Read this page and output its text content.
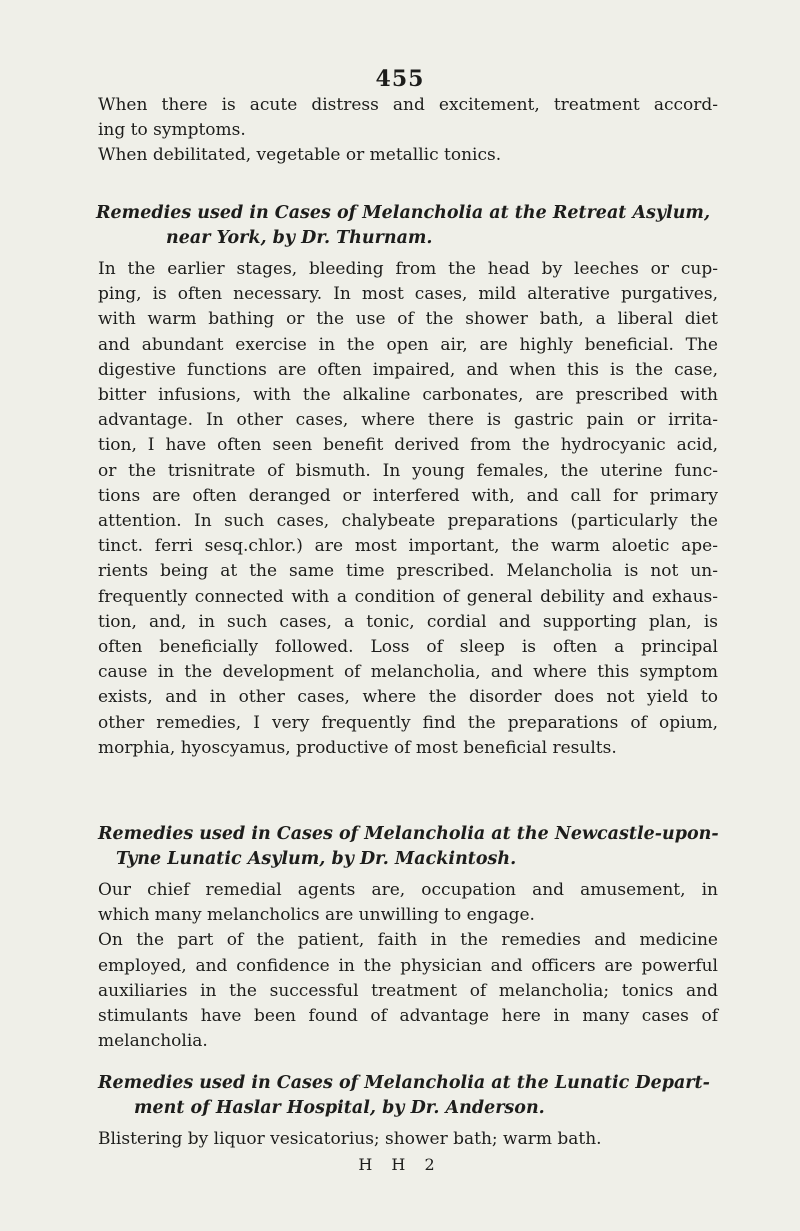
455
When there is acute distress and excitement, treatment accord-
ing to symptoms.
When debilitated, vegetable or metallic tonics.
Remedies used in Cases of Melancholia at the Retreat Asylum,
near York, by Dr. Thurnam.
In the earlier stages, bleeding from the head by leeches or cup-
ping, is often necessary. In most cases, mild alterative purgatives,
with warm bathing or the use of the shower bath, a liberal diet
and abundant exercise in the open air, are highly beneficial. The
digestive functions are often impaired, and when this is the case,
bitter infusions, with the alkaline carbonates, are prescribed with
advantage. In other cases, where there is gastric pain or irrita-
tion, I have often seen benefit derived from the hydrocyanic acid,
or the trisnitrate of bismuth. In young females, the uterine func-
tions are often deranged or interfered with, and call for primary
attention. In such cases, chalybeate preparations (particularly the
tinct. ferri sesq.chlor.) are most important, the warm aloetic ape-
rients being at the same time prescribed. Melancholia is not un-
frequently connected with a condition of general debility and exhaus-
tion, and, in such cases, a tonic, cordial and supporting plan, is
often beneficially followed. Loss of sleep is often a principal
cause in the development of melancholia, and where this symptom
exists, and in other cases, where the disorder does not yield to
other remedies, I very frequently find the preparations of opium,
morphia, hyoscyamus, productive of most beneficial results.
Remedies used in Cases of Melancholia at the Newcastle-upon-
Tyne Lunatic Asylum, by Dr. Mackintosh.
Our chief remedial agents are, occupation and amusement, in
which many melancholics are unwilling to engage.
On the part of the patient, faith in the remedies and medicine
employed, and confidence in the physician and officers are powerful
auxiliaries in the successful treatment of melancholia; tonics and
stimulants have been found of advantage here in many cases of
melancholia.
Remedies used in Cases of Melancholia at the Lunatic Depart-
ment of Haslar Hospital, by Dr. Anderson.
Blistering by liquor vesicatorius; shower bath; warm bath.
H H 2
